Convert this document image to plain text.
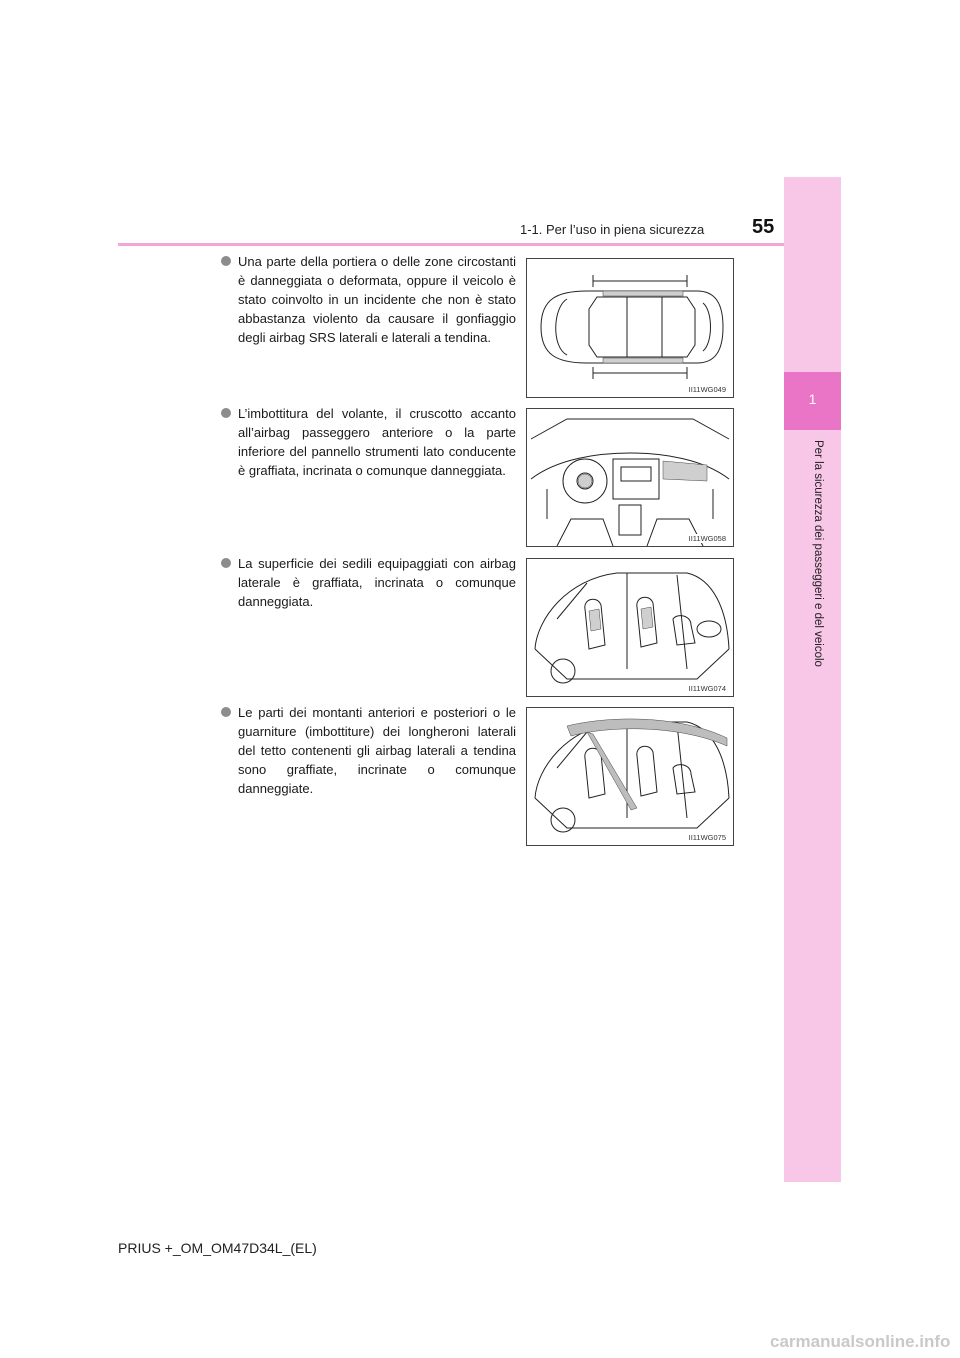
1-1. Per l’uso in piena sicurezza 55
1
Per la sicurezza dei passeggeri e del veicolo

Una parte della portiera o delle zone circostanti è danneggiata o deformata, oppure il veicolo è stato coinvolto in un incidente che non è stato abbastanza violento da causare il gonfiaggio degli airbag SRS laterali e laterali a tendina.

II11WG049

L’imbottitura del volante, il cruscotto accanto all’airbag passeggero anteriore o la parte inferiore del pannello strumenti lato conducente è graffiata, incrinata o comunque danneggiata.

II11WG058

La superficie dei sedili equipaggiati con airbag laterale è graffiata, incrinata o comunque danneggiata.

II11WG074

Le parti dei montanti anteriori e posteriori o le guarniture (imbottiture) dei longheroni laterali del tetto contenenti gli airbag laterali a tendina sono graffiate, incrinate o comunque danneggiate.

II11WG075
PRIUS +_OM_OM47D34L_(EL)
carmanualsonline.info
